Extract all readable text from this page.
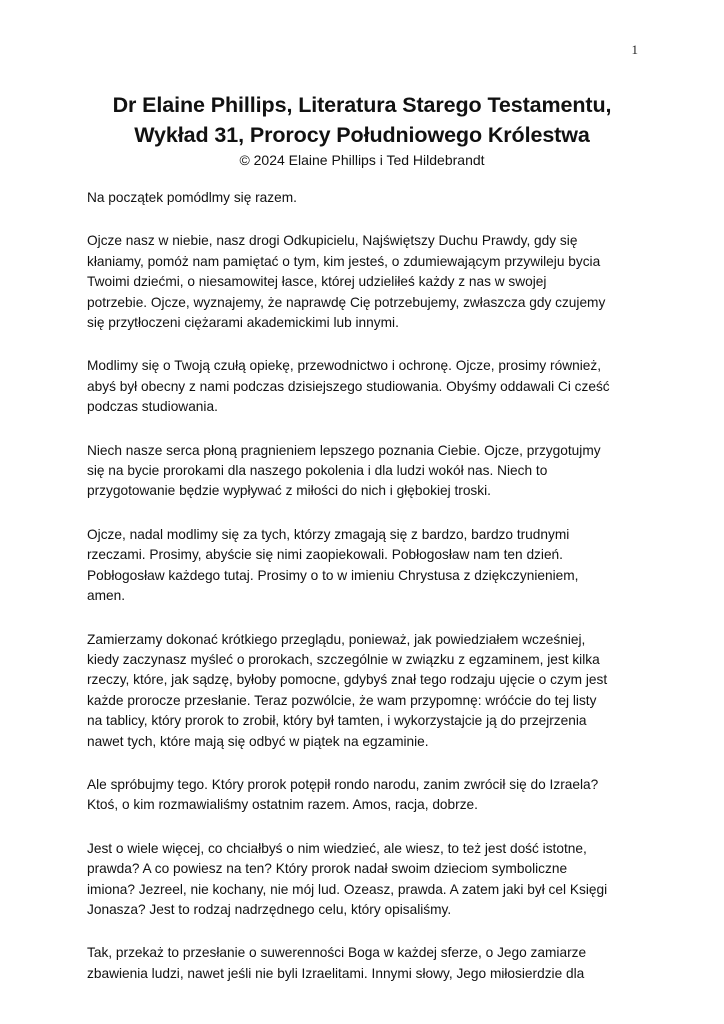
1
Dr Elaine Phillips, Literatura Starego Testamentu,
Wykład 31, Prorocy Południowego Królestwa
© 2024 Elaine Phillips i Ted Hildebrandt

Na początek pomódlmy się razem.

Ojcze nasz w niebie, nasz drogi Odkupicielu, Najświętszy Duchu Prawdy, gdy się
kłaniamy, pomóż nam pamiętać o tym, kim jesteś, o zdumiewającym przywileju bycia
Twoimi dziećmi, o niesamowitej łasce, której udzieliłeś każdy z nas w swojej
potrzebie. Ojcze, wyznajemy, że naprawdę Cię potrzebujemy, zwłaszcza gdy czujemy
się przytłoczeni ciężarami akademickimi lub innymi.

Modlimy się o Twoją czułą opiekę, przewodnictwo i ochronę. Ojcze, prosimy również,
abyś był obecny z nami podczas dzisiejszego studiowania. Obyśmy oddawali Ci cześć
podczas studiowania.

Niech nasze serca płoną pragnieniem lepszego poznania Ciebie. Ojcze, przygotujmy
się na bycie prorokami dla naszego pokolenia i dla ludzi wokół nas. Niech to
przygotowanie będzie wypływać z miłości do nich i głębokiej troski.

Ojcze, nadal modlimy się za tych, którzy zmagają się z bardzo, bardzo trudnymi
rzeczami. Prosimy, abyście się nimi zaopiekowali. Pobłogosław nam ten dzień.
Pobłogosław każdego tutaj. Prosimy o to w imieniu Chrystusa z dziękczynieniem,
amen.

Zamierzamy dokonać krótkiego przeglądu, ponieważ, jak powiedziałem wcześniej,
kiedy zaczynasz myśleć o prorokach, szczególnie w związku z egzaminem, jest kilka
rzeczy, które, jak sądzę, byłoby pomocne, gdybyś znał tego rodzaju ujęcie o czym jest
każde prorocze przesłanie. Teraz pozwólcie, że wam przypomnę: wróćcie do tej listy
na tablicy, który prorok to zrobił, który był tamten, i wykorzystajcie ją do przejrzenia
nawet tych, które mają się odbyć w piątek na egzaminie.

Ale spróbujmy tego. Który prorok potępił rondo narodu, zanim zwrócił się do Izraela?
Ktoś, o kim rozmawialiśmy ostatnim razem. Amos, racja, dobrze.

Jest o wiele więcej, co chciałbyś o nim wiedzieć, ale wiesz, to też jest dość istotne,
prawda? A co powiesz na ten? Który prorok nadał swoim dzieciom symboliczne
imiona? Jezreel, nie kochany, nie mój lud. Ozeasz, prawda. A zatem jaki był cel Księgi
Jonasza? Jest to rodzaj nadrzędnego celu, który opisaliśmy.

Tak, przekaż to przesłanie o suwerenności Boga w każdej sferze, o Jego zamiarze
zbawienia ludzi, nawet jeśli nie byli Izraelitami. Innymi słowy, Jego miłosierdzie dla
